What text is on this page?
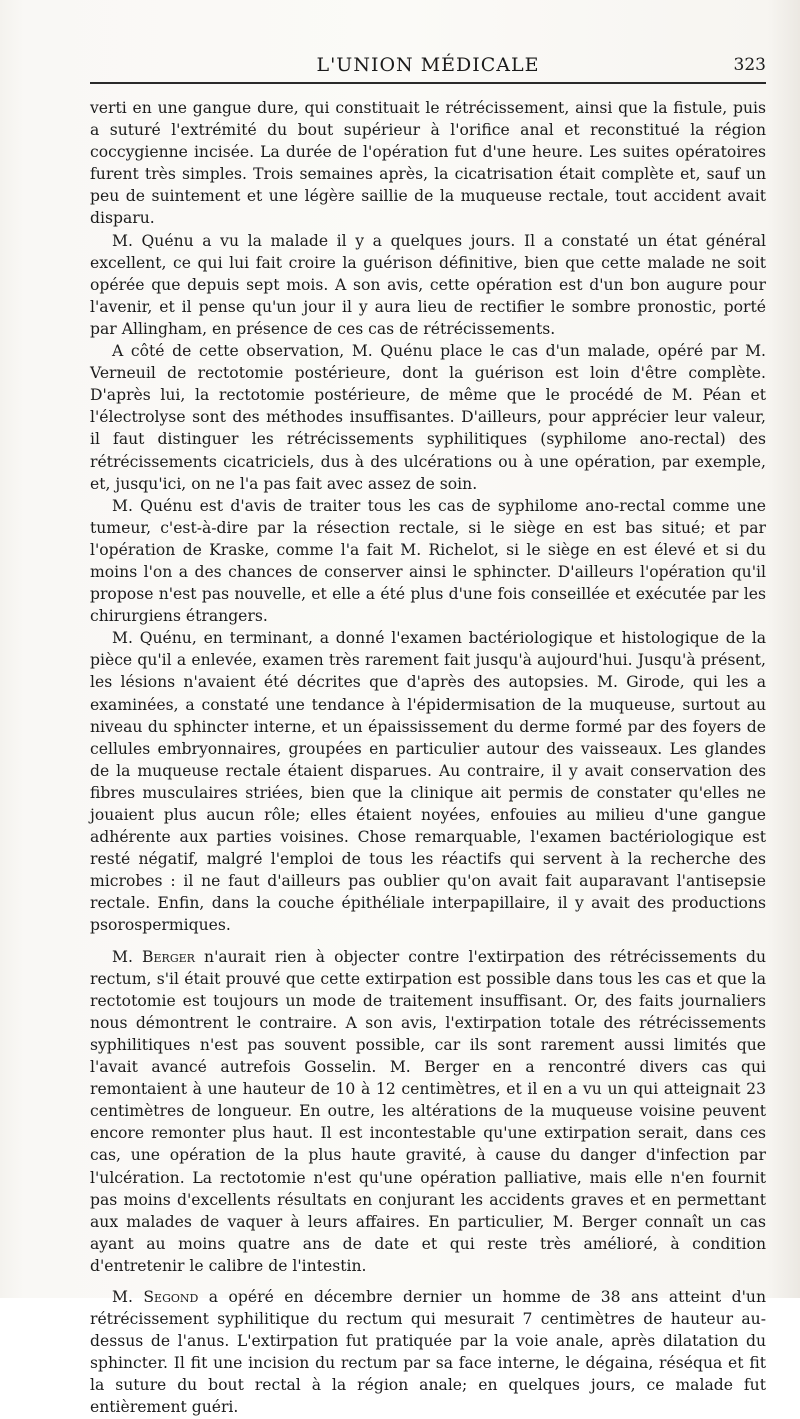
L'UNION MÉDICALE	323

verti en une gangue dure, qui constituait le rétrécissement, ainsi que la fistule, puis a suturé l'extrémité du bout supérieur à l'orifice anal et reconstitué la région coccygienne incisée. La durée de l'opération fut d'une heure. Les suites opératoires furent très simples. Trois semaines après, la cicatrisation était complète et, sauf un peu de suintement et une légère saillie de la muqueuse rectale, tout accident avait disparu.

M. Quénu a vu la malade il y a quelques jours. Il a constaté un état général excellent, ce qui lui fait croire la guérison définitive, bien que cette malade ne soit opérée que depuis sept mois. A son avis, cette opération est d'un bon augure pour l'avenir, et il pense qu'un jour il y aura lieu de rectifier le sombre pronostic, porté par Allingham, en présence de ces cas de rétrécissements.

A côté de cette observation, M. Quénu place le cas d'un malade, opéré par M. Verneuil de rectotomie postérieure, dont la guérison est loin d'être complète. D'après lui, la rectotomie postérieure, de même que le procédé de M. Péan et l'électrolyse sont des méthodes insuffisantes. D'ailleurs, pour apprécier leur valeur, il faut distinguer les rétrécissements syphilitiques (syphilome ano-rectal) des rétrécissements cicatriciels, dus à des ulcérations ou à une opération, par exemple, et, jusqu'ici, on ne l'a pas fait avec assez de soin.

M. Quénu est d'avis de traiter tous les cas de syphilome ano-rectal comme une tumeur, c'est-à-dire par la résection rectale, si le siège en est bas situé; et par l'opération de Kraske, comme l'a fait M. Richelot, si le siège en est élevé et si du moins l'on a des chances de conserver ainsi le sphincter. D'ailleurs l'opération qu'il propose n'est pas nouvelle, et elle a été plus d'une fois conseillée et exécutée par les chirurgiens étrangers.

M. Quénu, en terminant, a donné l'examen bactériologique et histologique de la pièce qu'il a enlevée, examen très rarement fait jusqu'à aujourd'hui. Jusqu'à présent, les lésions n'avaient été décrites que d'après des autopsies. M. Girode, qui les a examinées, a constaté une tendance à l'épidermisation de la muqueuse, surtout au niveau du sphincter interne, et un épaississement du derme formé par des foyers de cellules embryonnaires, groupées en particulier autour des vaisseaux. Les glandes de la muqueuse rectale étaient disparues. Au contraire, il y avait conservation des fibres musculaires striées, bien que la clinique ait permis de constater qu'elles ne jouaient plus aucun rôle; elles étaient noyées, enfouies au milieu d'une gangue adhérente aux parties voisines. Chose remarquable, l'examen bactériologique est resté négatif, malgré l'emploi de tous les réactifs qui servent à la recherche des microbes : il ne faut d'ailleurs pas oublier qu'on avait fait auparavant l'antisepsie rectale. Enfin, dans la couche épithéliale interpapillaire, il y avait des productions psorospermiques.

M. Berger n'aurait rien à objecter contre l'extirpation des rétrécissements du rectum, s'il était prouvé que cette extirpation est possible dans tous les cas et que la rectotomie est toujours un mode de traitement insuffisant. Or, des faits journaliers nous démontrent le contraire. A son avis, l'extirpation totale des rétrécissements syphilitiques n'est pas souvent possible, car ils sont rarement aussi limités que l'avait avancé autrefois Gosselin. M. Berger en a rencontré divers cas qui remontaient à une hauteur de 10 à 12 centimètres, et il en a vu un qui atteignait 23 centimètres de longueur. En outre, les altérations de la muqueuse voisine peuvent encore remonter plus haut. Il est incontestable qu'une extirpation serait, dans ces cas, une opération de la plus haute gravité, à cause du danger d'infection par l'ulcération. La rectotomie n'est qu'une opération palliative, mais elle n'en fournit pas moins d'excellents résultats en conjurant les accidents graves et en permettant aux malades de vaquer à leurs affaires. En particulier, M. Berger connaît un cas ayant au moins quatre ans de date et qui reste très amélioré, à condition d'entretenir le calibre de l'intestin.

M. Segond a opéré en décembre dernier un homme de 38 ans atteint d'un rétrécissement syphilitique du rectum qui mesurait 7 centimètres de hauteur au-dessus de l'anus. L'extirpation fut pratiquée par la voie anale, après dilatation du sphincter. Il fit une incision du rectum par sa face interne, le dégaina, réséqua et fit la suture du bout rectal à la région anale; en quelques jours, ce malade fut entièrement guéri.
